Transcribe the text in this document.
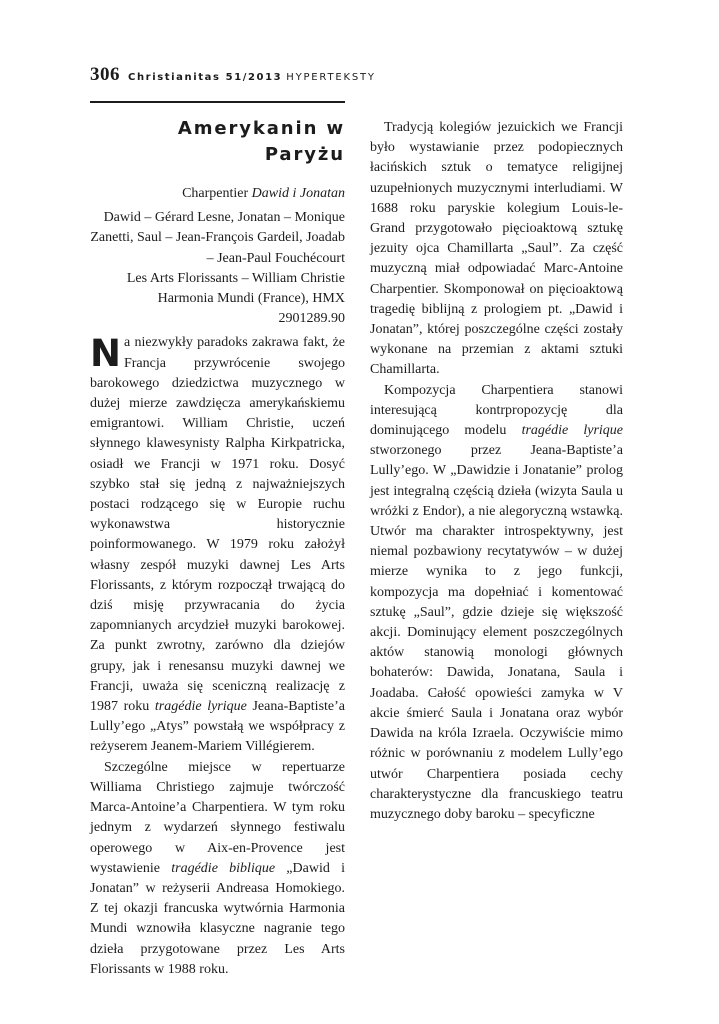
306 Christianitas 51/2013 HYPERTEKSTY
Amerykanin w Paryżu
Charpentier Dawid i Jonatan
Dawid – Gérard Lesne, Jonatan – Monique Zanetti, Saul – Jean-François Gardeil, Joadab – Jean-Paul Fouchécourt
Les Arts Florissants – William Christie
Harmonia Mundi (France), HMX 2901289.90

Na niezwykły paradoks zakrawa fakt, że Francja przywrócenie swojego barokowego dziedzictwa muzycznego w dużej mierze zawdzięcza amerykańskiemu emigrantowi. William Christie, uczeń słynnego klawesynisty Ralpha Kirkpatricka, osiadł we Francji w 1971 roku. Dosyć szybko stał się jedną z najważniejszych postaci rodzącego się w Europie ruchu wykonawstwa historycznie poinformowanego. W 1979 roku założył własny zespół muzyki dawnej Les Arts Florissants, z którym rozpoczął trwającą do dziś misję przywracania do życia zapomnianych arcydzieł muzyki barokowej. Za punkt zwrotny, zarówno dla dziejów grupy, jak i renesansu muzyki dawnej we Francji, uważa się sceniczną realizację z 1987 roku tragédie lyrique Jeana-Baptiste’a Lully’ego „Atys” powstałą we współpracy z reżyserem Jeanem-Mariem Villégierem.

Szczególne miejsce w repertuarze Williama Christiego zajmuje twórczość Marca-Antoine’a Charpentiera. W tym roku jednym z wydarzeń słynnego festiwalu operowego w Aix-en-Provence jest wystawienie tragédie biblique „Dawid i Jonatan” w reżyserii Andreasa Homokiego. Z tej okazji francuska wytwórnia Harmonia Mundi wznowiła klasyczne nagranie tego dzieła przygotowane przez Les Arts Florissants w 1988 roku.

Tradycją kolegiów jezuickich we Francji było wystawianie przez podopiecznych łacińskich sztuk o tematyce religijnej uzupełnionych muzycznymi interludiami. W 1688 roku paryskie kolegium Louis-le-Grand przygotowało pięcioaktową sztukę jezuity ojca Chamillarta „Saul”. Za część muzyczną miał odpowiadać Marc-Antoine Charpentier. Skomponował on pięcioaktową tragedię biblijną z prologiem pt. „Dawid i Jonatan”, której poszczególne części zostały wykonane na przemian z aktami sztuki Chamillarta.

Kompozycja Charpentiera stanowi interesującą kontrpropozycję dla dominującego modelu tragédie lyrique stworzonego przez Jeana-Baptiste’a Lully’ego. W „Dawidzie i Jonatanie” prolog jest integralną częścią dzieła (wizyta Saula u wróżki z Endor), a nie alegoryczną wstawką. Utwór ma charakter introspektywny, jest niemal pozbawiony recytatywów – w dużej mierze wynika to z jego funkcji, kompozycja ma dopełniać i komentować sztukę „Saul”, gdzie dzieje się większość akcji. Dominujący element poszczególnych aktów stanowią monologi głównych bohaterów: Dawida, Jonatana, Saula i Joadaba. Całość opowieści zamyka w V akcie śmierć Saula i Jonatana oraz wybór Dawida na króla Izraela. Oczywiście mimo różnic w porównaniu z modelem Lully’ego utwór Charpentiera posiada cechy charakterystyczne dla francuskiego teatru muzycznego doby baroku – specyficzne
